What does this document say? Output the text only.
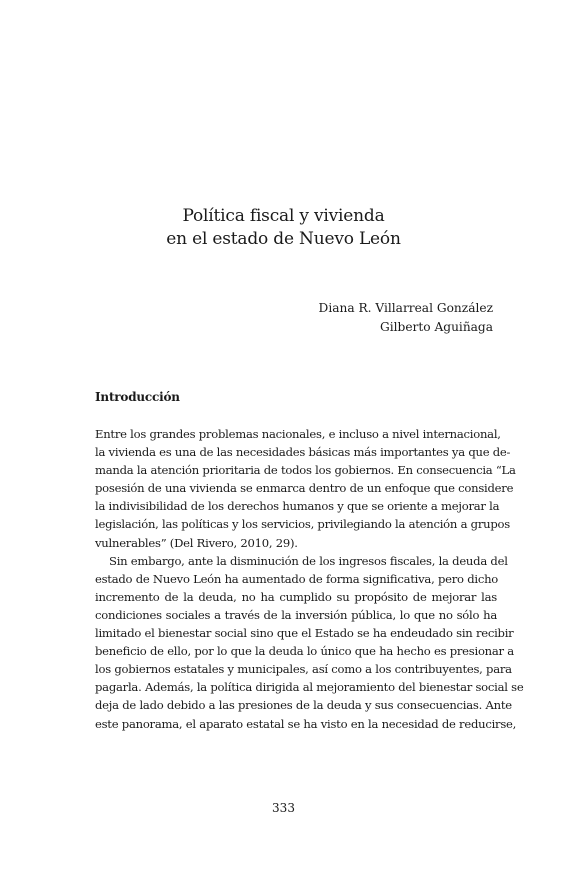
Política fiscal y vivienda
en el estado de Nuevo León
Diana R. Villarreal González
Gilberto Aguiñaga
Introducción
Entre los grandes problemas nacionales, e incluso a nivel internacional,
la vivienda es una de las necesidades básicas más importantes ya que de-
manda la atención prioritaria de todos los gobiernos. En consecuencia “La
posesión de una vivienda se enmarca dentro de un enfoque que considere
la indivisibilidad de los derechos humanos y que se oriente a mejorar la
legislación, las políticas y los servicios, privilegiando la atención a grupos
vulnerables” (Del Rivero, 2010, 29).
Sin embargo, ante la disminución de los ingresos fiscales, la deuda del
estado de Nuevo León ha aumentado de forma significativa, pero dicho
incremento de la deuda, no ha cumplido su propósito de mejorar las
condiciones sociales a través de la inversión pública, lo que no sólo ha
limitado el bienestar social sino que el Estado se ha endeudado sin recibir
beneficio de ello, por lo que la deuda lo único que ha hecho es presionar a
los gobiernos estatales y municipales, así como a los contribuyentes, para
pagarla. Además, la política dirigida al mejoramiento del bienestar social se
deja de lado debido a las presiones de la deuda y sus consecuencias. Ante
este panorama, el aparato estatal se ha visto en la necesidad de reducirse,
333
